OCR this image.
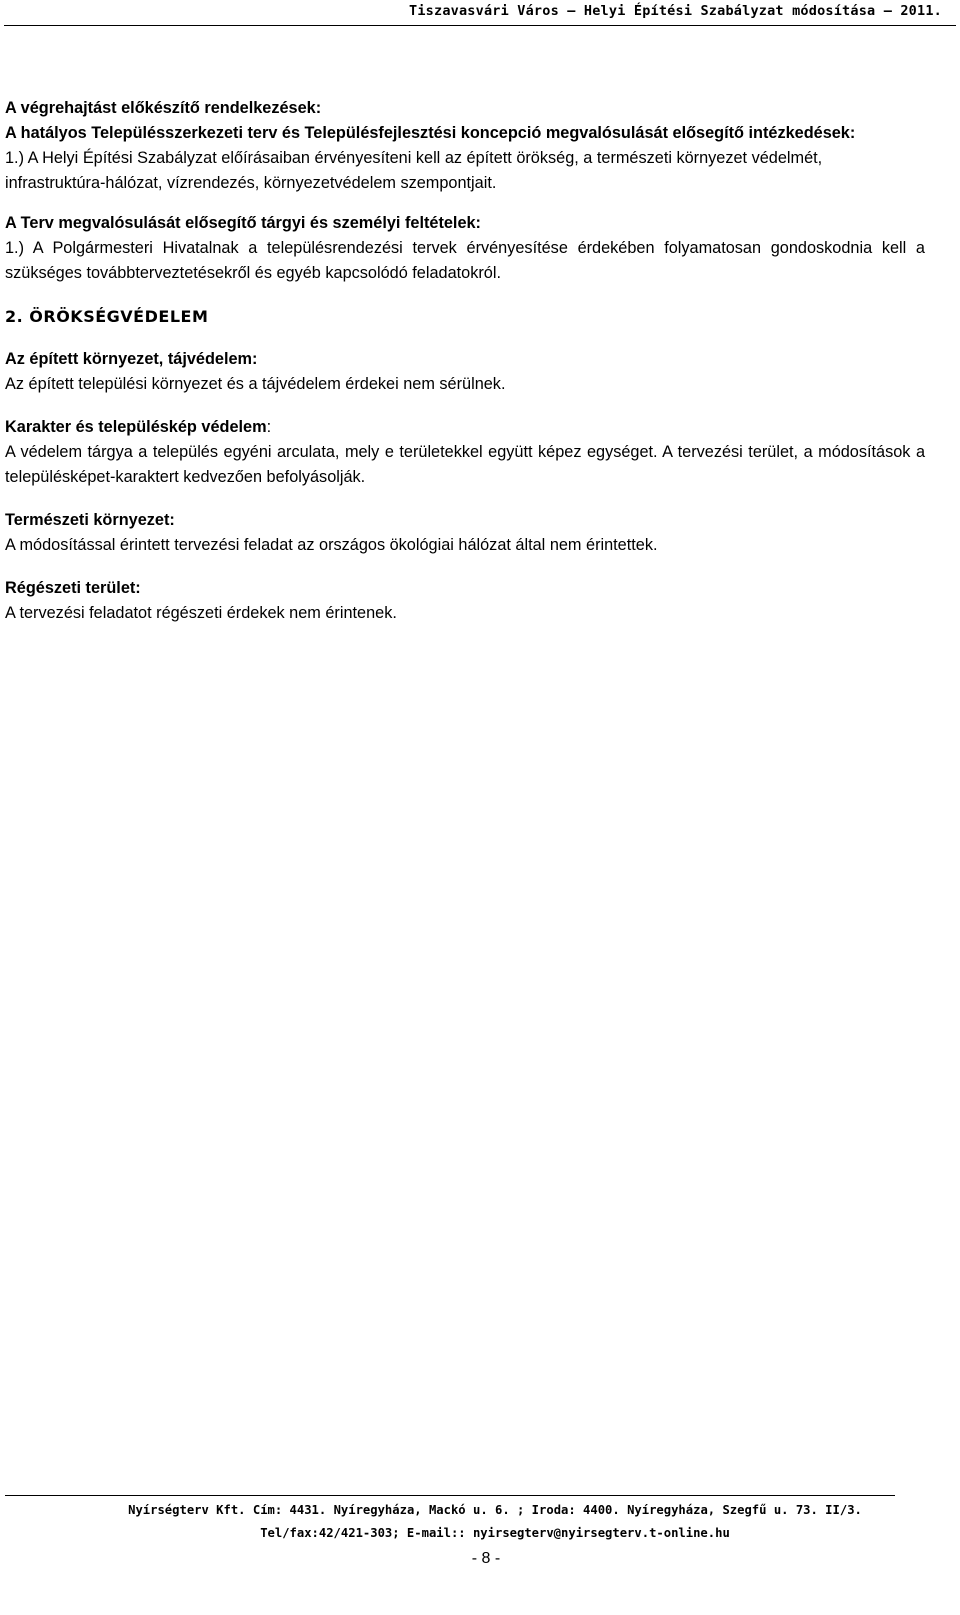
Tiszavasvári Város – Helyi Építési Szabályzat módosítása – 2011.

A végrehajtást előkészítő rendelkezések:

A hatályos Településszerkezeti terv és Településfejlesztési koncepció megvalósulását elősegítő intézkedések:

1.) A Helyi Építési Szabályzat előírásaiban érvényesíteni kell az épített örökség, a természeti környezet védelmét, infrastruktúra-hálózat, vízrendezés, környezetvédelem szempontjait.

A Terv megvalósulását elősegítő tárgyi és személyi feltételek:

1.) A Polgármesteri Hivatalnak a településrendezési tervek érvényesítése érdekében folyamatosan gondoskodnia kell a szükséges továbbterveztetésekről és egyéb kapcsolódó feladatokról.

2. ÖRÖKSÉGVÉDELEM

Az épített környezet, tájvédelem:

Az épített települési környezet és a tájvédelem érdekei nem sérülnek.

Karakter és településkép védelem:

A védelem tárgya a település egyéni arculata, mely e területekkel együtt képez egységet. A tervezési terület, a módosítások a településképet-karaktert kedvezően befolyásolják.

Természeti környezet:

A módosítással érintett tervezési feladat az országos ökológiai hálózat által nem érintettek.

Régészeti terület:

A tervezési feladatot régészeti érdekek nem érintenek.

Nyírségterv Kft. Cím: 4431. Nyíregyháza, Mackó u. 6. ; Iroda: 4400. Nyíregyháza, Szegfű u. 73. II/3.
Tel/fax:42/421-303; E-mail:: nyirsegterv@nyirsegterv.t-online.hu
- 8 -
